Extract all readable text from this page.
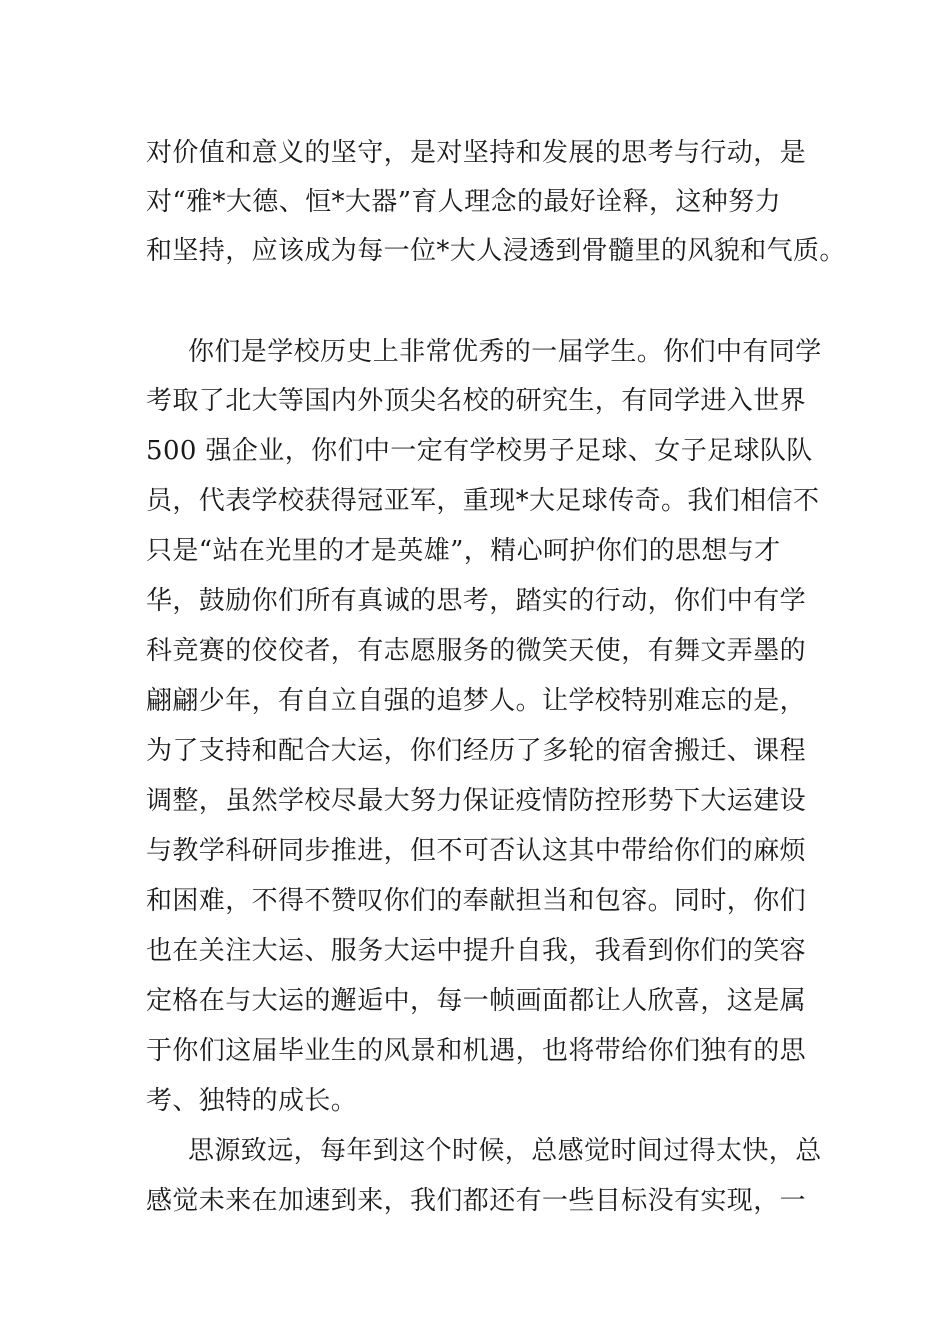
对价值和意义的坚守，是对坚持和发展的思考与行动，是
对“雅*大德、恒*大器”育人理念的最好诠释，这种努力
和坚持，应该成为每一位*大人浸透到骨髓里的风貌和气质。
你们是学校历史上非常优秀的一届学生。你们中有同学
考取了北大等国内外顶尖名校的研究生，有同学进入世界
500 强企业，你们中一定有学校男子足球、女子足球队队
员，代表学校获得冠亚军，重现*大足球传奇。我们相信不
只是“站在光里的才是英雄”，精心呵护你们的思想与才
华，鼓励你们所有真诚的思考，踏实的行动，你们中有学
科竞赛的佼佼者，有志愿服务的微笑天使，有舞文弄墨的
翩翩少年，有自立自强的追梦人。让学校特别难忘的是，
为了支持和配合大运，你们经历了多轮的宿舍搬迁、课程
调整，虽然学校尽最大努力保证疫情防控形势下大运建设
与教学科研同步推进，但不可否认这其中带给你们的麻烦
和困难，不得不赞叹你们的奉献担当和包容。同时，你们
也在关注大运、服务大运中提升自我，我看到你们的笑容
定格在与大运的邂逅中，每一帧画面都让人欣喜，这是属
于你们这届毕业生的风景和机遇，也将带给你们独有的思
考、独特的成长。
思源致远，每年到这个时候，总感觉时间过得太快，总
感觉未来在加速到来，我们都还有一些目标没有实现，一
